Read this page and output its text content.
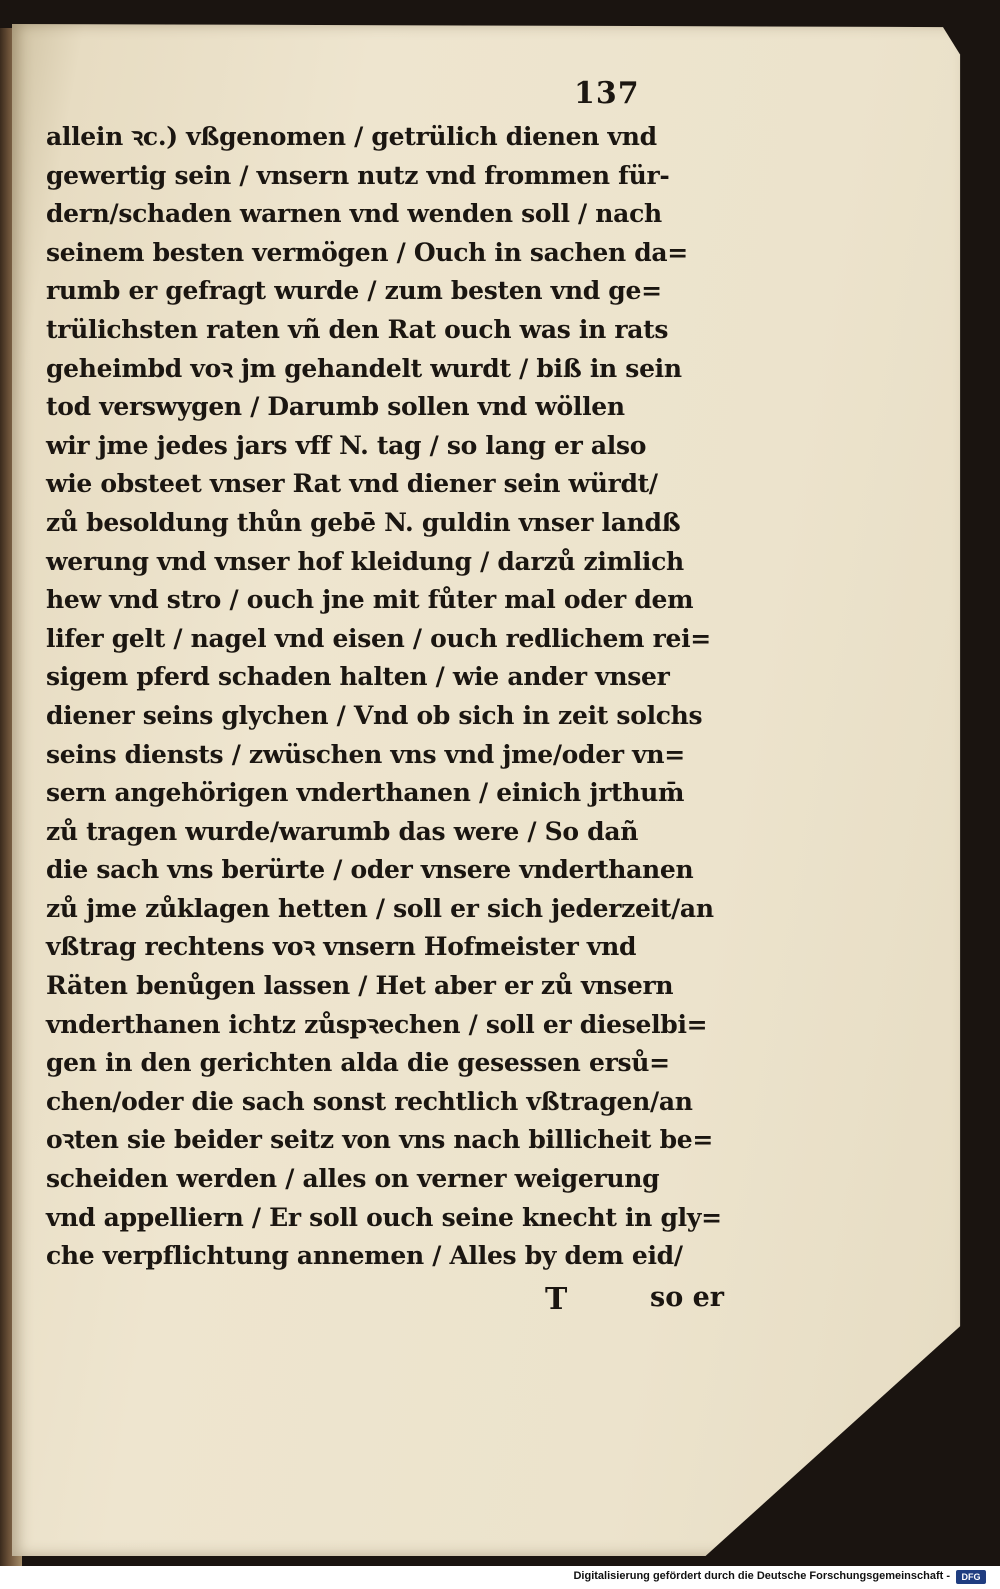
137
allein ꝛc.) vßgenomen / getrülich dienen vnd
gewertig sein / vnsern nutz vnd frommen für-
dern/schaden warnen vnd wenden soll / nach
seinem besten vermögen / Ouch in sachen da=
rumb er gefragt wurde / zum besten vnd ge=
trülichsten raten vñ den Rat ouch was in rats
geheimbd voꝛ jm gehandelt wurdt / biß in sein
tod verswygen / Darumb sollen vnd wöllen
wir jme jedes jars vff N. tag / so lang er also
wie obsteet vnser Rat vnd diener sein würdt/
zů besoldung thůn gebē N. guldin vnser landß
werung vnd vnser hof kleidung / darzů zimlich
hew vnd stro / ouch jne mit fůter mal oder dem
lifer gelt / nagel vnd eisen / ouch redlichem rei=
sigem pferd schaden halten / wie ander vnser
diener seins glychen / Vnd ob sich in zeit solchs
seins diensts / zwüschen vns vnd jme/oder vn=
sern angehörigen vnderthanen / einich jrthum̄
zů tragen wurde/warumb das were / So dañ
die sach vns berürte / oder vnsere vnderthanen
zů jme zůklagen hetten / soll er sich jederzeit/an
vßtrag rechtens voꝛ vnsern Hofmeister vnd
Räten benůgen lassen / Het aber er zů vnsern
vnderthanen ichtz zůspꝛechen / soll er dieselbi=
gen in den gerichten alda die gesessen ersů=
chen/oder die sach sonst rechtlich vßtragen/an
oꝛten sie beider seitz von vns nach billicheit be=
scheiden werden / alles on verner weigerung
vnd appelliern / Er soll ouch seine knecht in gly=
che verpflichtung annemen / Alles by dem eid/
T	so er
Digitalisierung gefördert durch die Deutsche Forschungsgemeinschaft -	DFG
